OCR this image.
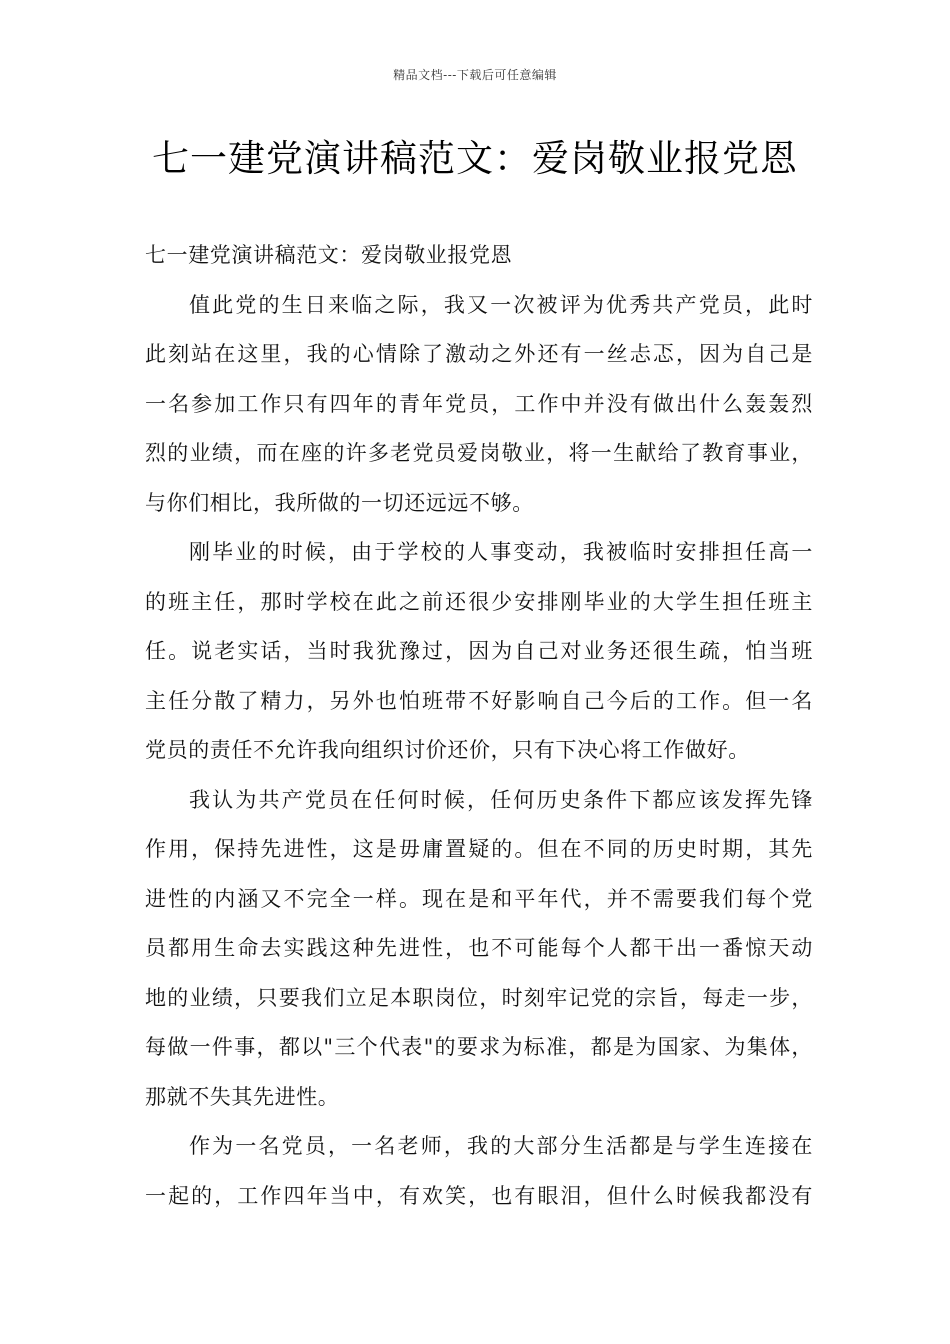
精品文档---下载后可任意编辑
七一建党演讲稿范文：爱岗敬业报党恩
七一建党演讲稿范文：爱岗敬业报党恩
值此党的生日来临之际，我又一次被评为优秀共产党员，此时
此刻站在这里，我的心情除了激动之外还有一丝忐忑，因为自己是
一名参加工作只有四年的青年党员，工作中并没有做出什么轰轰烈
烈的业绩，而在座的许多老党员爱岗敬业，将一生献给了教育事业，
与你们相比，我所做的一切还远远不够。
刚毕业的时候，由于学校的人事变动，我被临时安排担任高一
的班主任，那时学校在此之前还很少安排刚毕业的大学生担任班主
任。说老实话，当时我犹豫过，因为自己对业务还很生疏，怕当班
主任分散了精力，另外也怕班带不好影响自己今后的工作。但一名
党员的责任不允许我向组织讨价还价，只有下决心将工作做好。
我认为共产党员在任何时候，任何历史条件下都应该发挥先锋
作用，保持先进性，这是毋庸置疑的。但在不同的历史时期，其先
进性的内涵又不完全一样。现在是和平年代，并不需要我们每个党
员都用生命去实践这种先进性，也不可能每个人都干出一番惊天动
地的业绩，只要我们立足本职岗位，时刻牢记党的宗旨，每走一步，
每做一件事，都以"三个代表"的要求为标准，都是为国家、为集体，
那就不失其先进性。
作为一名党员，一名老师，我的大部分生活都是与学生连接在
一起的，工作四年当中，有欢笑，也有眼泪，但什么时候我都没有
